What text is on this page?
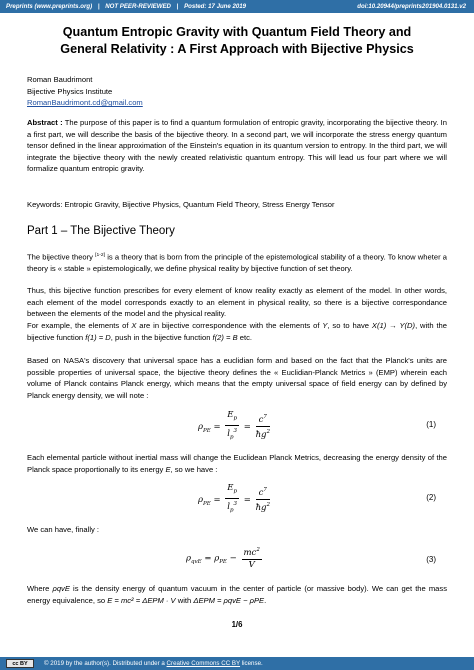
Preprints (www.preprints.org) | NOT PEER-REVIEWED | Posted: 17 June 2019	doi:10.20944/preprints201904.0131.v2
Quantum Entropic Gravity with Quantum Field Theory and
General Relativity : A First Approach with Bijective Physics
Roman Baudrimont
Bijective Physics Institute
RomanBaudrimont.cd@gmail.com
Abstract : The purpose of this paper is to find a quantum formulation of entropic gravity, incorporating the bijective theory. In a first part, we will describe the basis of the bijective theory. In a second part, we will incorporate the stress energy quantum tensor defined in the linear approximation of the Einstein's equation in its quantum version to entropy. In the third part, we will integrate the bijective theory with the newly created relativistic quantum entropy. This will lead us four part where we will formalize quantum entropic gravity.
Keywords: Entropic Gravity, Bijective Physics, Quantum Field Theory, Stress Energy Tensor
Part 1 – The Bijective Theory
The bijective theory [1-2] is a theory that is born from the principle of the epistemological stability of a theory. To know wheter a theory is « stable » epistemologically, we define physical reality by bijective function of set theory.
Thus, this bijective function prescribes for every element of know reality exactly as element of the model. In other words, each element of the model corresponds exactly to an element in physical reality, so there is a bijective correspondance between the elements of the model and the physical reality.
For example, the elements of X are in bijective correspondence with the elements of Y, so to have X(1) → Y(D), with the bijective function f(1) = D, push in the bijective function f(2) = B etc.
Based on NASA's discovery that universal space has a euclidian form and based on the fact that the Planck's units are possible properties of universal space, the bijective theory defines the « Euclidian-Planck Metrics » (EMP) wherein each volume of Planck contains Planck energy, which means that the empty universal space of field energy can by defined by Planck energy density, we will note :
$\rho_{PE} = \frac{E_p}{l_p^3} = \frac{c^7}{ħg^2}$	(1)
Each elemental particle without inertial mass will change the Euclidean Planck Metrics, decreasing the energy density of the Planck space proportionally to its energy E, so we have :
$\rho_{PE} = \frac{E_p}{l_p^3} = \frac{c^7}{ħg^2}$	(2)
We can have, finally :
$\rho_{qvE} = \rho_{PE} - \frac{mc^2}{V}$	(3)
Where ρqvE is the density energy of quantum vacuum in the center of particle (or massive body). We can get the mass energy equivalence, so E = mc² = ΔEPM · V with ΔEPM = ρqvE − ρPE.
1/6
cc BY	© 2019 by the author(s). Distributed under a Creative Commons CC BY license.
